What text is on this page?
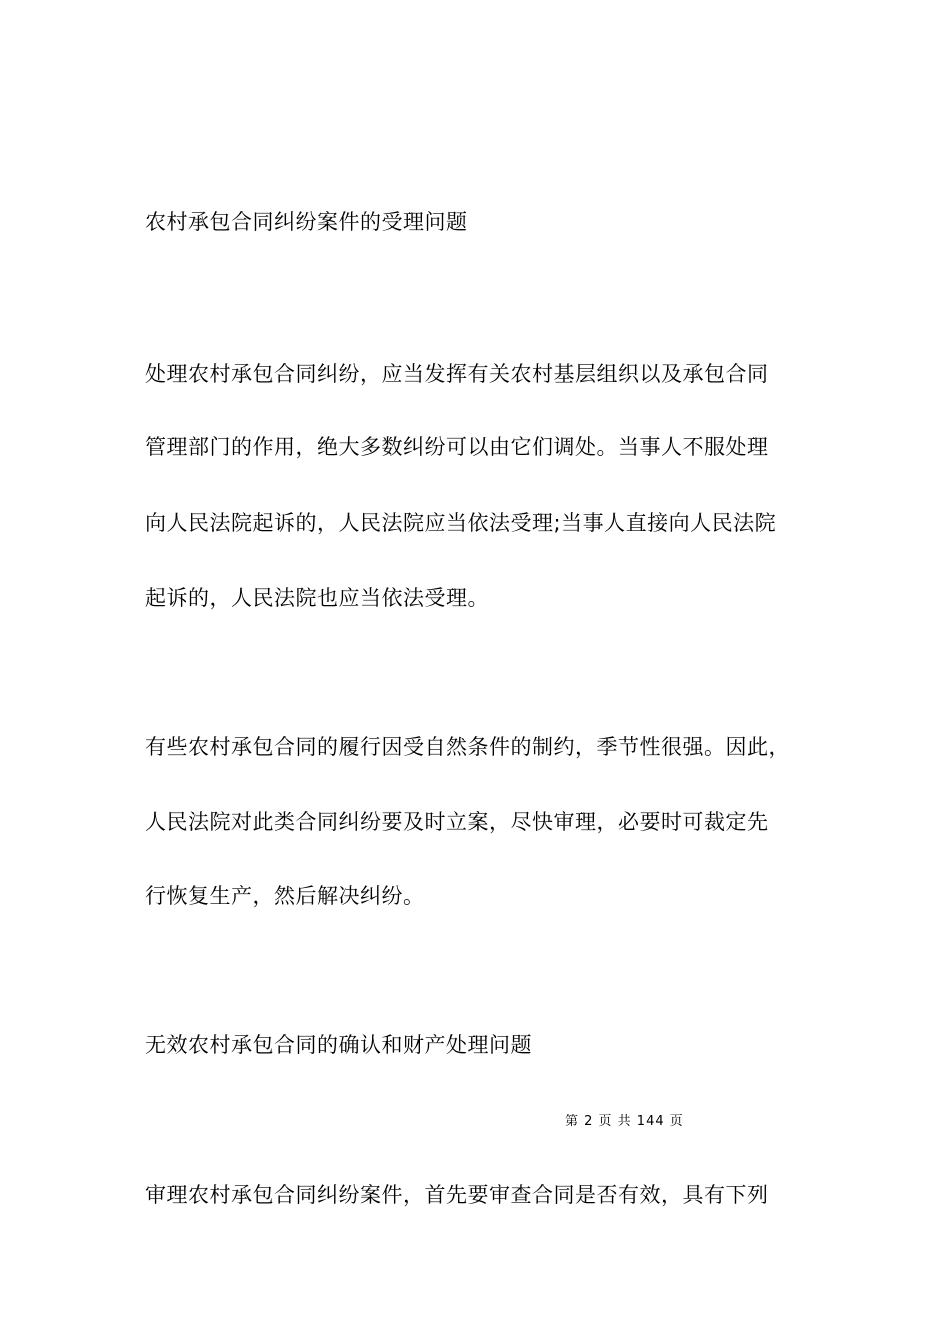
农村承包合同纠纷案件的受理问题
处理农村承包合同纠纷，应当发挥有关农村基层组织以及承包合同
管理部门的作用，绝大多数纠纷可以由它们调处。当事人不服处理
向人民法院起诉的，人民法院应当依法受理;当事人直接向人民法院
起诉的，人民法院也应当依法受理。
有些农村承包合同的履行因受自然条件的制约，季节性很强。因此，
人民法院对此类合同纠纷要及时立案，尽快审理，必要时可裁定先
行恢复生产，然后解决纠纷。
无效农村承包合同的确认和财产处理问题
第 2 页 共 144 页
审理农村承包合同纠纷案件，首先要审查合同是否有效，具有下列
